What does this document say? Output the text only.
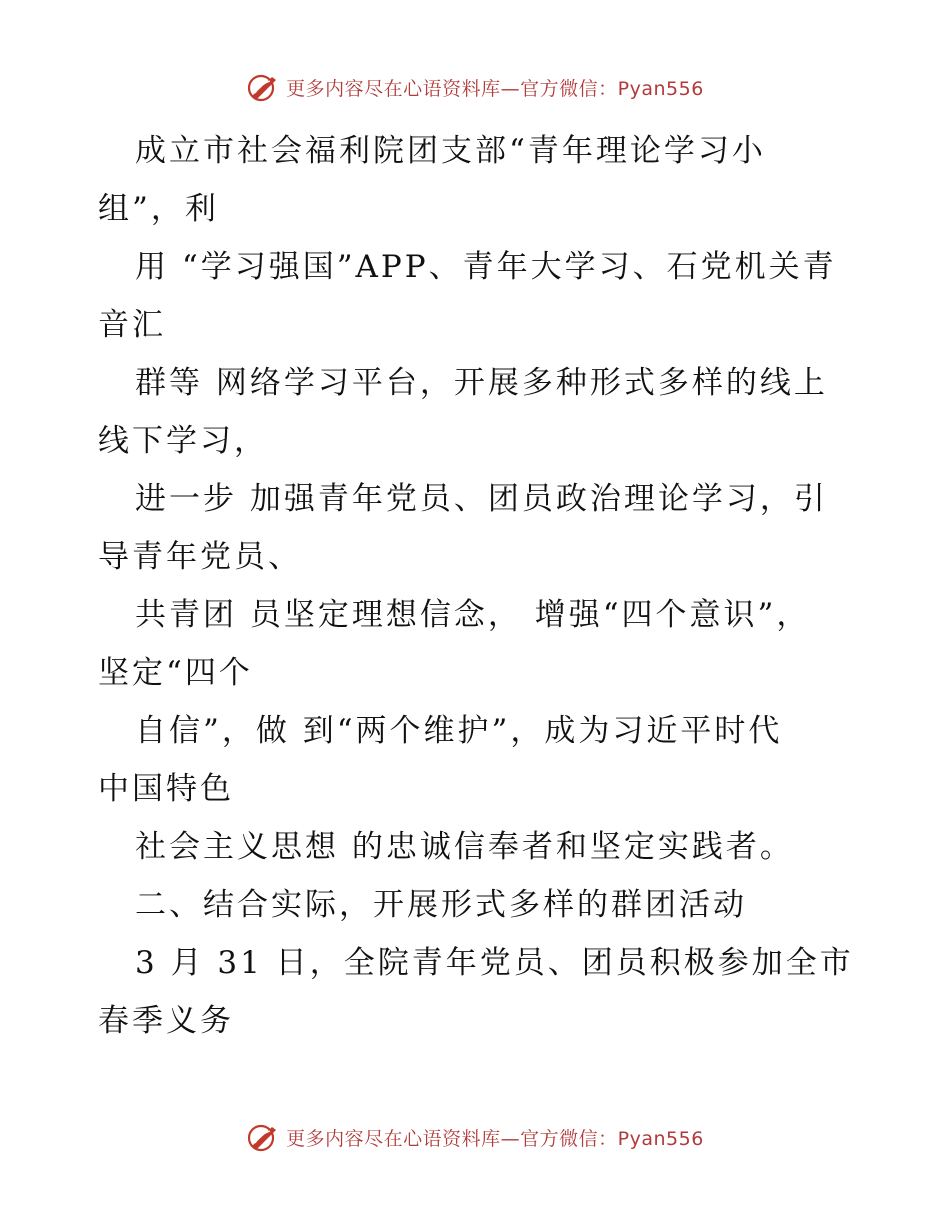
更多内容尽在心语资料库—官方微信：Pyan556
成立市社会福利院团支部“青年理论学习小
组”，利
用 “学习强国”APP、青年大学习、石党机关青
音汇
群等 网络学习平台，开展多种形式多样的线上
线下学习，
进一步 加强青年党员、团员政治理论学习，引
导青年党员、
共青团 员坚定理想信念， 增强“四个意识”，
坚定“四个
自信”，做 到“两个维护”，成为习近平时代
中国特色
社会主义思想 的忠诚信奉者和坚定实践者。
二、结合实际，开展形式多样的群团活动
3 月 31 日，全院青年党员、团员积极参加全市
春季义务
更多内容尽在心语资料库—官方微信：Pyan556
